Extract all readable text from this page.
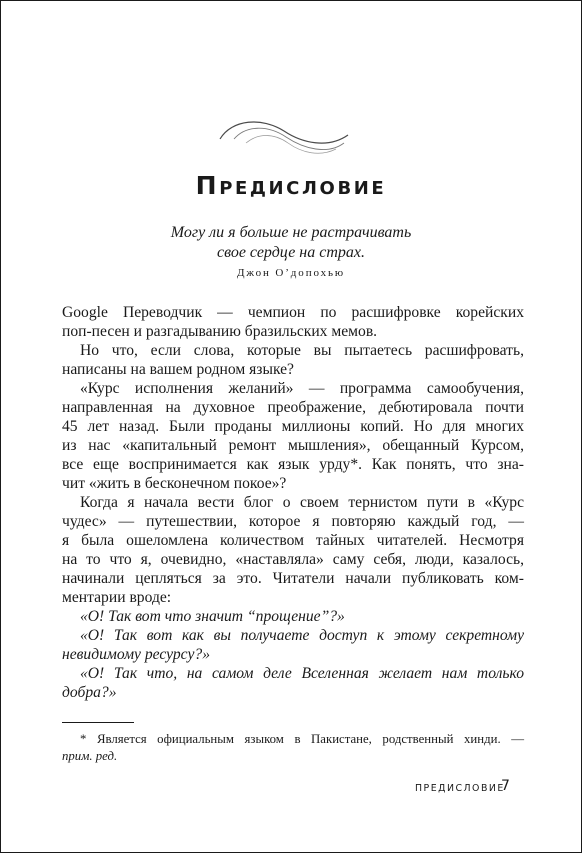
Предисловие
Могу ли я больше не растрачивать
свое сердце на страх.
Джон О’допохью
Google Переводчик — чемпион по расшифровке корейских
поп-песен и разгадыванию бразильских мемов.
Но что, если слова, которые вы пытаетесь расшифровать,
написаны на вашем родном языке?
«Курс исполнения желаний» — программа самообучения,
направленная на духовное преображение, дебютировала почти
45 лет назад. Были проданы миллионы копий. Но для многих
из нас «капитальный ремонт мышления», обещанный Курсом,
все еще воспринимается как язык урду*. Как понять, что зна-
чит «жить в бесконечном покое»?
Когда я начала вести блог о своем тернистом пути в «Курс
чудес» — путешествии, которое я повторяю каждый год, —
я была ошеломлена количеством тайных читателей. Несмотря
на то что я, очевидно, «наставляла» саму себя, люди, казалось,
начинали цепляться за это. Читатели начали публиковать ком-
ментарии вроде:
«О! Так вот что значит “прощение”?»
«О! Так вот как вы получаете доступ к этому секретному
невидимому ресурсу?»
«О! Так что, на самом деле Вселенная желает нам только
добра?»
* Является официальным языком в Пакистане, родственный хинди. —
прим. ред.
ПРЕДИСЛОВИЕ
7
